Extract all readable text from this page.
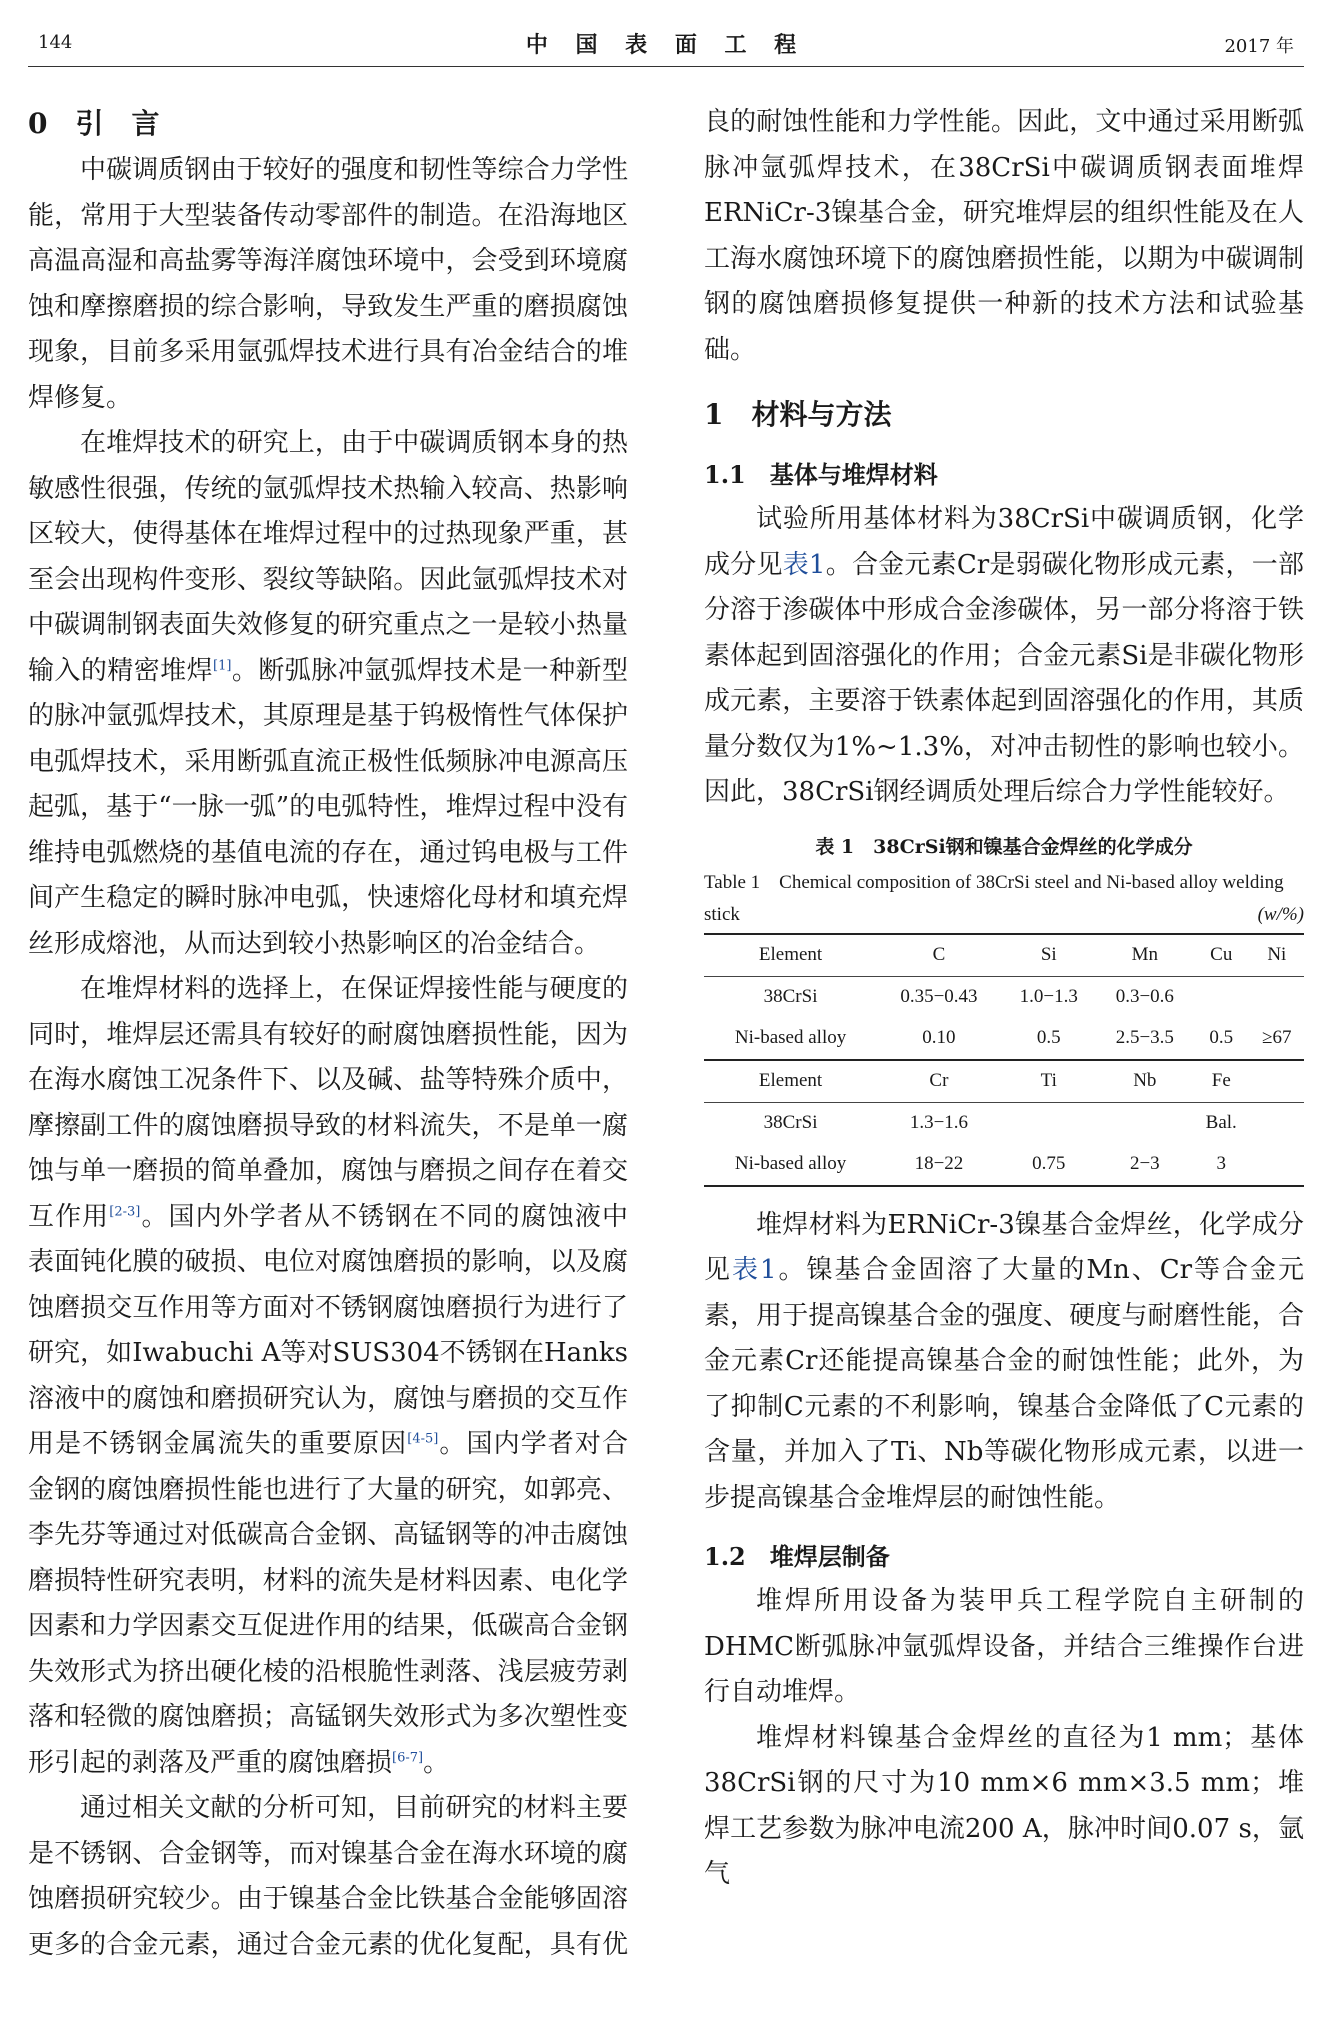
144	中 国 表 面 工 程	2017 年
0　引　言

中碳调质钢由于较好的强度和韧性等综合力学性能，常用于大型装备传动零部件的制造。在沿海地区高温高湿和高盐雾等海洋腐蚀环境中，会受到环境腐蚀和摩擦磨损的综合影响，导致发生严重的磨损腐蚀现象，目前多采用氩弧焊技术进行具有冶金结合的堆焊修复。

在堆焊技术的研究上，由于中碳调质钢本身的热敏感性很强，传统的氩弧焊技术热输入较高、热影响区较大，使得基体在堆焊过程中的过热现象严重，甚至会出现构件变形、裂纹等缺陷。因此氩弧焊技术对中碳调制钢表面失效修复的研究重点之一是较小热量输入的精密堆焊[1]。断弧脉冲氩弧焊技术是一种新型的脉冲氩弧焊技术，其原理是基于钨极惰性气体保护电弧焊技术，采用断弧直流正极性低频脉冲电源高压起弧，基于“一脉一弧”的电弧特性，堆焊过程中没有维持电弧燃烧的基值电流的存在，通过钨电极与工件间产生稳定的瞬时脉冲电弧，快速熔化母材和填充焊丝形成熔池，从而达到较小热影响区的冶金结合。

在堆焊材料的选择上，在保证焊接性能与硬度的同时，堆焊层还需具有较好的耐腐蚀磨损性能，因为在海水腐蚀工况条件下、以及碱、盐等特殊介质中，摩擦副工件的腐蚀磨损导致的材料流失，不是单一腐蚀与单一磨损的简单叠加，腐蚀与磨损之间存在着交互作用[2-3]。国内外学者从不锈钢在不同的腐蚀液中表面钝化膜的破损、电位对腐蚀磨损的影响，以及腐蚀磨损交互作用等方面对不锈钢腐蚀磨损行为进行了研究，如Iwabuchi A等对SUS304不锈钢在Hanks溶液中的腐蚀和磨损研究认为，腐蚀与磨损的交互作用是不锈钢金属流失的重要原因[4-5]。国内学者对合金钢的腐蚀磨损性能也进行了大量的研究，如郭亮、李先芬等通过对低碳高合金钢、高锰钢等的冲击腐蚀磨损特性研究表明，材料的流失是材料因素、电化学因素和力学因素交互促进作用的结果，低碳高合金钢失效形式为挤出硬化棱的沿根脆性剥落、浅层疲劳剥落和轻微的腐蚀磨损；高锰钢失效形式为多次塑性变形引起的剥落及严重的腐蚀磨损[6-7]。

通过相关文献的分析可知，目前研究的材料主要是不锈钢、合金钢等，而对镍基合金在海水环境的腐蚀磨损研究较少。由于镍基合金比铁基合金能够固溶更多的合金元素，通过合金元素的优化复配，具有优

良的耐蚀性能和力学性能。因此，文中通过采用断弧脉冲氩弧焊技术，在38CrSi中碳调质钢表面堆焊ERNiCr-3镍基合金，研究堆焊层的组织性能及在人工海水腐蚀环境下的腐蚀磨损性能，以期为中碳调制钢的腐蚀磨损修复提供一种新的技术方法和试验基础。

1　材料与方法
1.1　基体与堆焊材料

试验所用基体材料为38CrSi中碳调质钢，化学成分见表1。合金元素Cr是弱碳化物形成元素，一部分溶于渗碳体中形成合金渗碳体，另一部分将溶于铁素体起到固溶强化的作用；合金元素Si是非碳化物形成元素，主要溶于铁素体起到固溶强化的作用，其质量分数仅为1%~1.3%，对冲击韧性的影响也较小。因此，38CrSi钢经调质处理后综合力学性能较好。

表 1　38CrSi钢和镍基合金焊丝的化学成分
Table 1　Chemical composition of 38CrSi steel and Ni-based alloy welding stick	(w/%)
Element	C	Si	Mn	Cu	Ni
38CrSi	0.35−0.43	1.0−1.3	0.3−0.6		
Ni-based alloy	0.10	0.5	2.5−3.5	0.5	≥67
Element	Cr	Ti	Nb	Fe	
38CrSi	1.3−1.6			Bal.	
Ni-based alloy	18−22	0.75	2−3	3	

堆焊材料为ERNiCr-3镍基合金焊丝，化学成分见表1。镍基合金固溶了大量的Mn、Cr等合金元素，用于提高镍基合金的强度、硬度与耐磨性能，合金元素Cr还能提高镍基合金的耐蚀性能；此外，为了抑制C元素的不利影响，镍基合金降低了C元素的含量，并加入了Ti、Nb等碳化物形成元素，以进一步提高镍基合金堆焊层的耐蚀性能。

1.2　堆焊层制备

堆焊所用设备为装甲兵工程学院自主研制的DHMC断弧脉冲氩弧焊设备，并结合三维操作台进行自动堆焊。

堆焊材料镍基合金焊丝的直径为1 mm；基体38CrSi钢的尺寸为10 mm×6 mm×3.5 mm；堆焊工艺参数为脉冲电流200 A，脉冲时间0.07 s，氩气
